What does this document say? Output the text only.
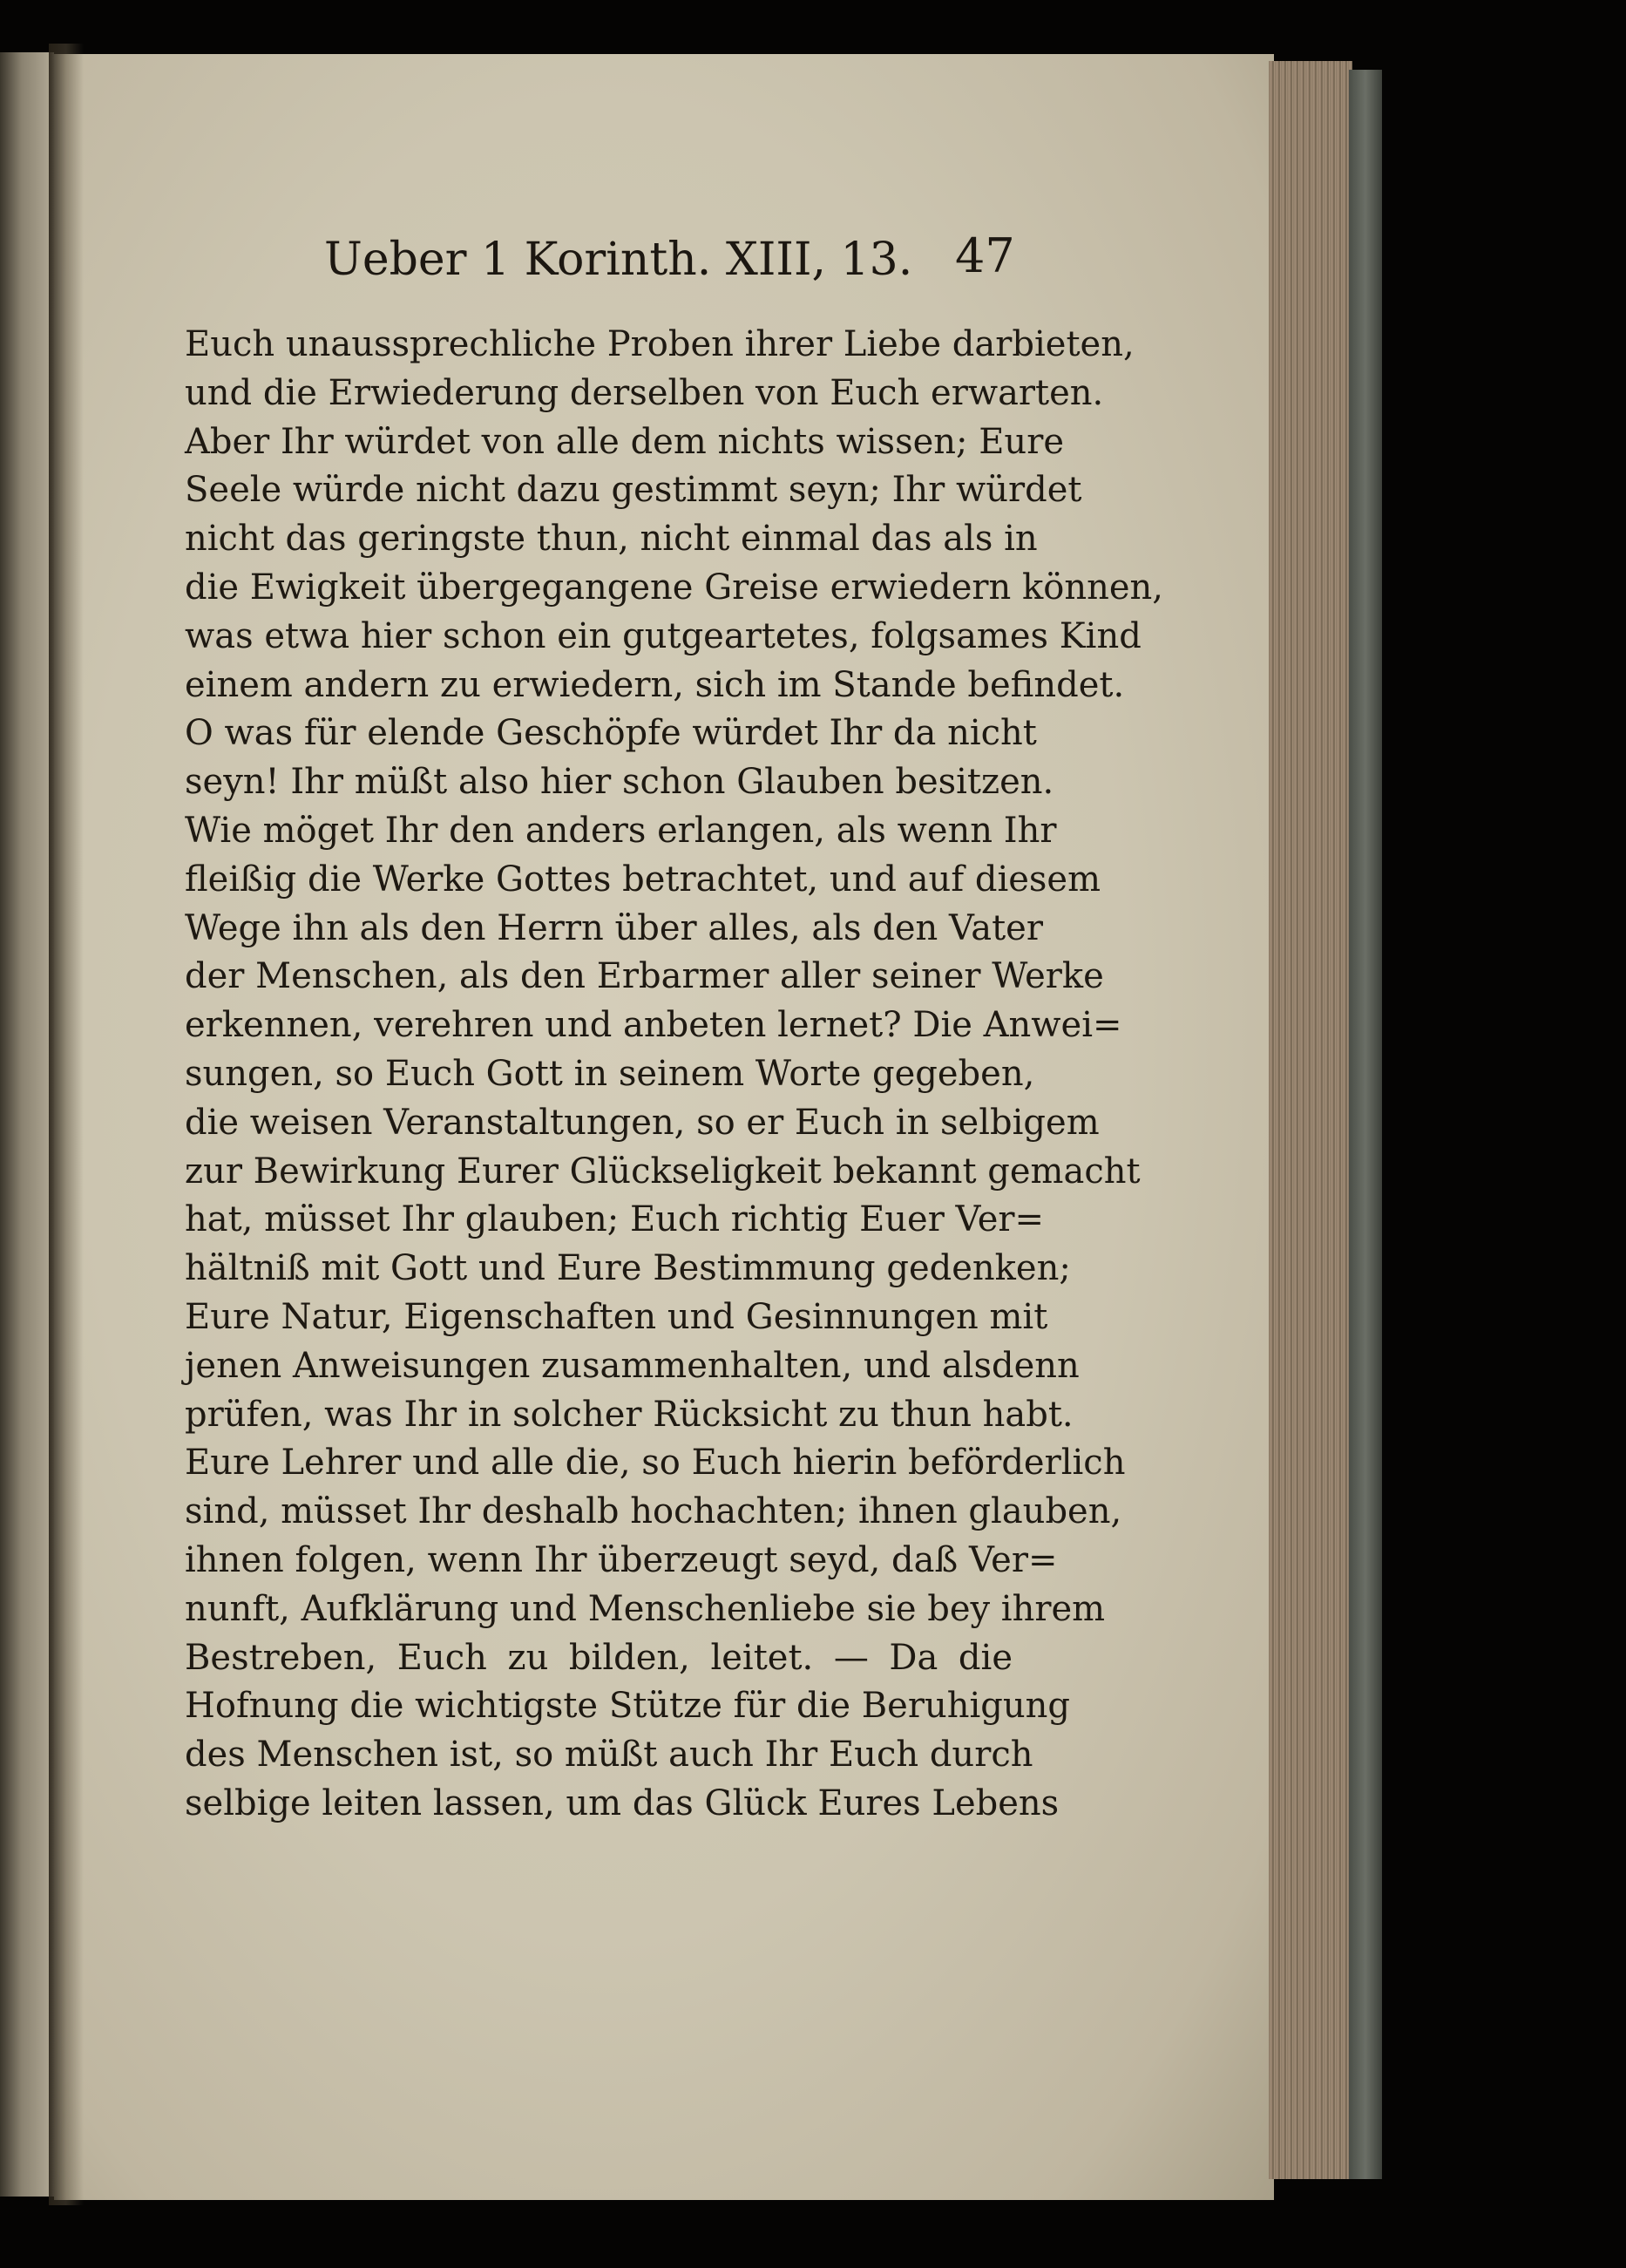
Ueber 1 Korinth. XIII, 13. 47
Euch unaussprechliche Proben ihrer Liebe darbieten,
und die Erwiederung derselben von Euch erwarten.
Aber Ihr würdet von alle dem nichts wissen; Eure
Seele würde nicht dazu gestimmt seyn; Ihr würdet
nicht das geringste thun, nicht einmal das als in
die Ewigkeit übergegangene Greise erwiedern können,
was etwa hier schon ein gutgeartetes, folgsames Kind
einem andern zu erwiedern, sich im Stande befindet.
O was für elende Geschöpfe würdet Ihr da nicht
seyn! Ihr müßt also hier schon Glauben besitzen.
Wie möget Ihr den anders erlangen, als wenn Ihr
fleißig die Werke Gottes betrachtet, und auf diesem
Wege ihn als den Herrn über alles, als den Vater
der Menschen, als den Erbarmer aller seiner Werke
erkennen, verehren und anbeten lernet? Die Anwei=
sungen, so Euch Gott in seinem Worte gegeben,
die weisen Veranstaltungen, so er Euch in selbigem
zur Bewirkung Eurer Glückseligkeit bekannt gemacht
hat, müsset Ihr glauben; Euch richtig Euer Ver=
hältniß mit Gott und Eure Bestimmung gedenken;
Eure Natur, Eigenschaften und Gesinnungen mit
jenen Anweisungen zusammenhalten, und alsdenn
prüfen, was Ihr in solcher Rücksicht zu thun habt.
Eure Lehrer und alle die, so Euch hierin beförderlich
sind, müsset Ihr deshalb hochachten; ihnen glauben,
ihnen folgen, wenn Ihr überzeugt seyd, daß Ver=
nunft, Aufklärung und Menschenliebe sie bey ihrem
Bestreben, Euch zu bilden, leitet. — Da die
Hofnung die wichtigste Stütze für die Beruhigung
des Menschen ist, so müßt auch Ihr Euch durch
selbige leiten lassen, um das Glück Eures Lebens
